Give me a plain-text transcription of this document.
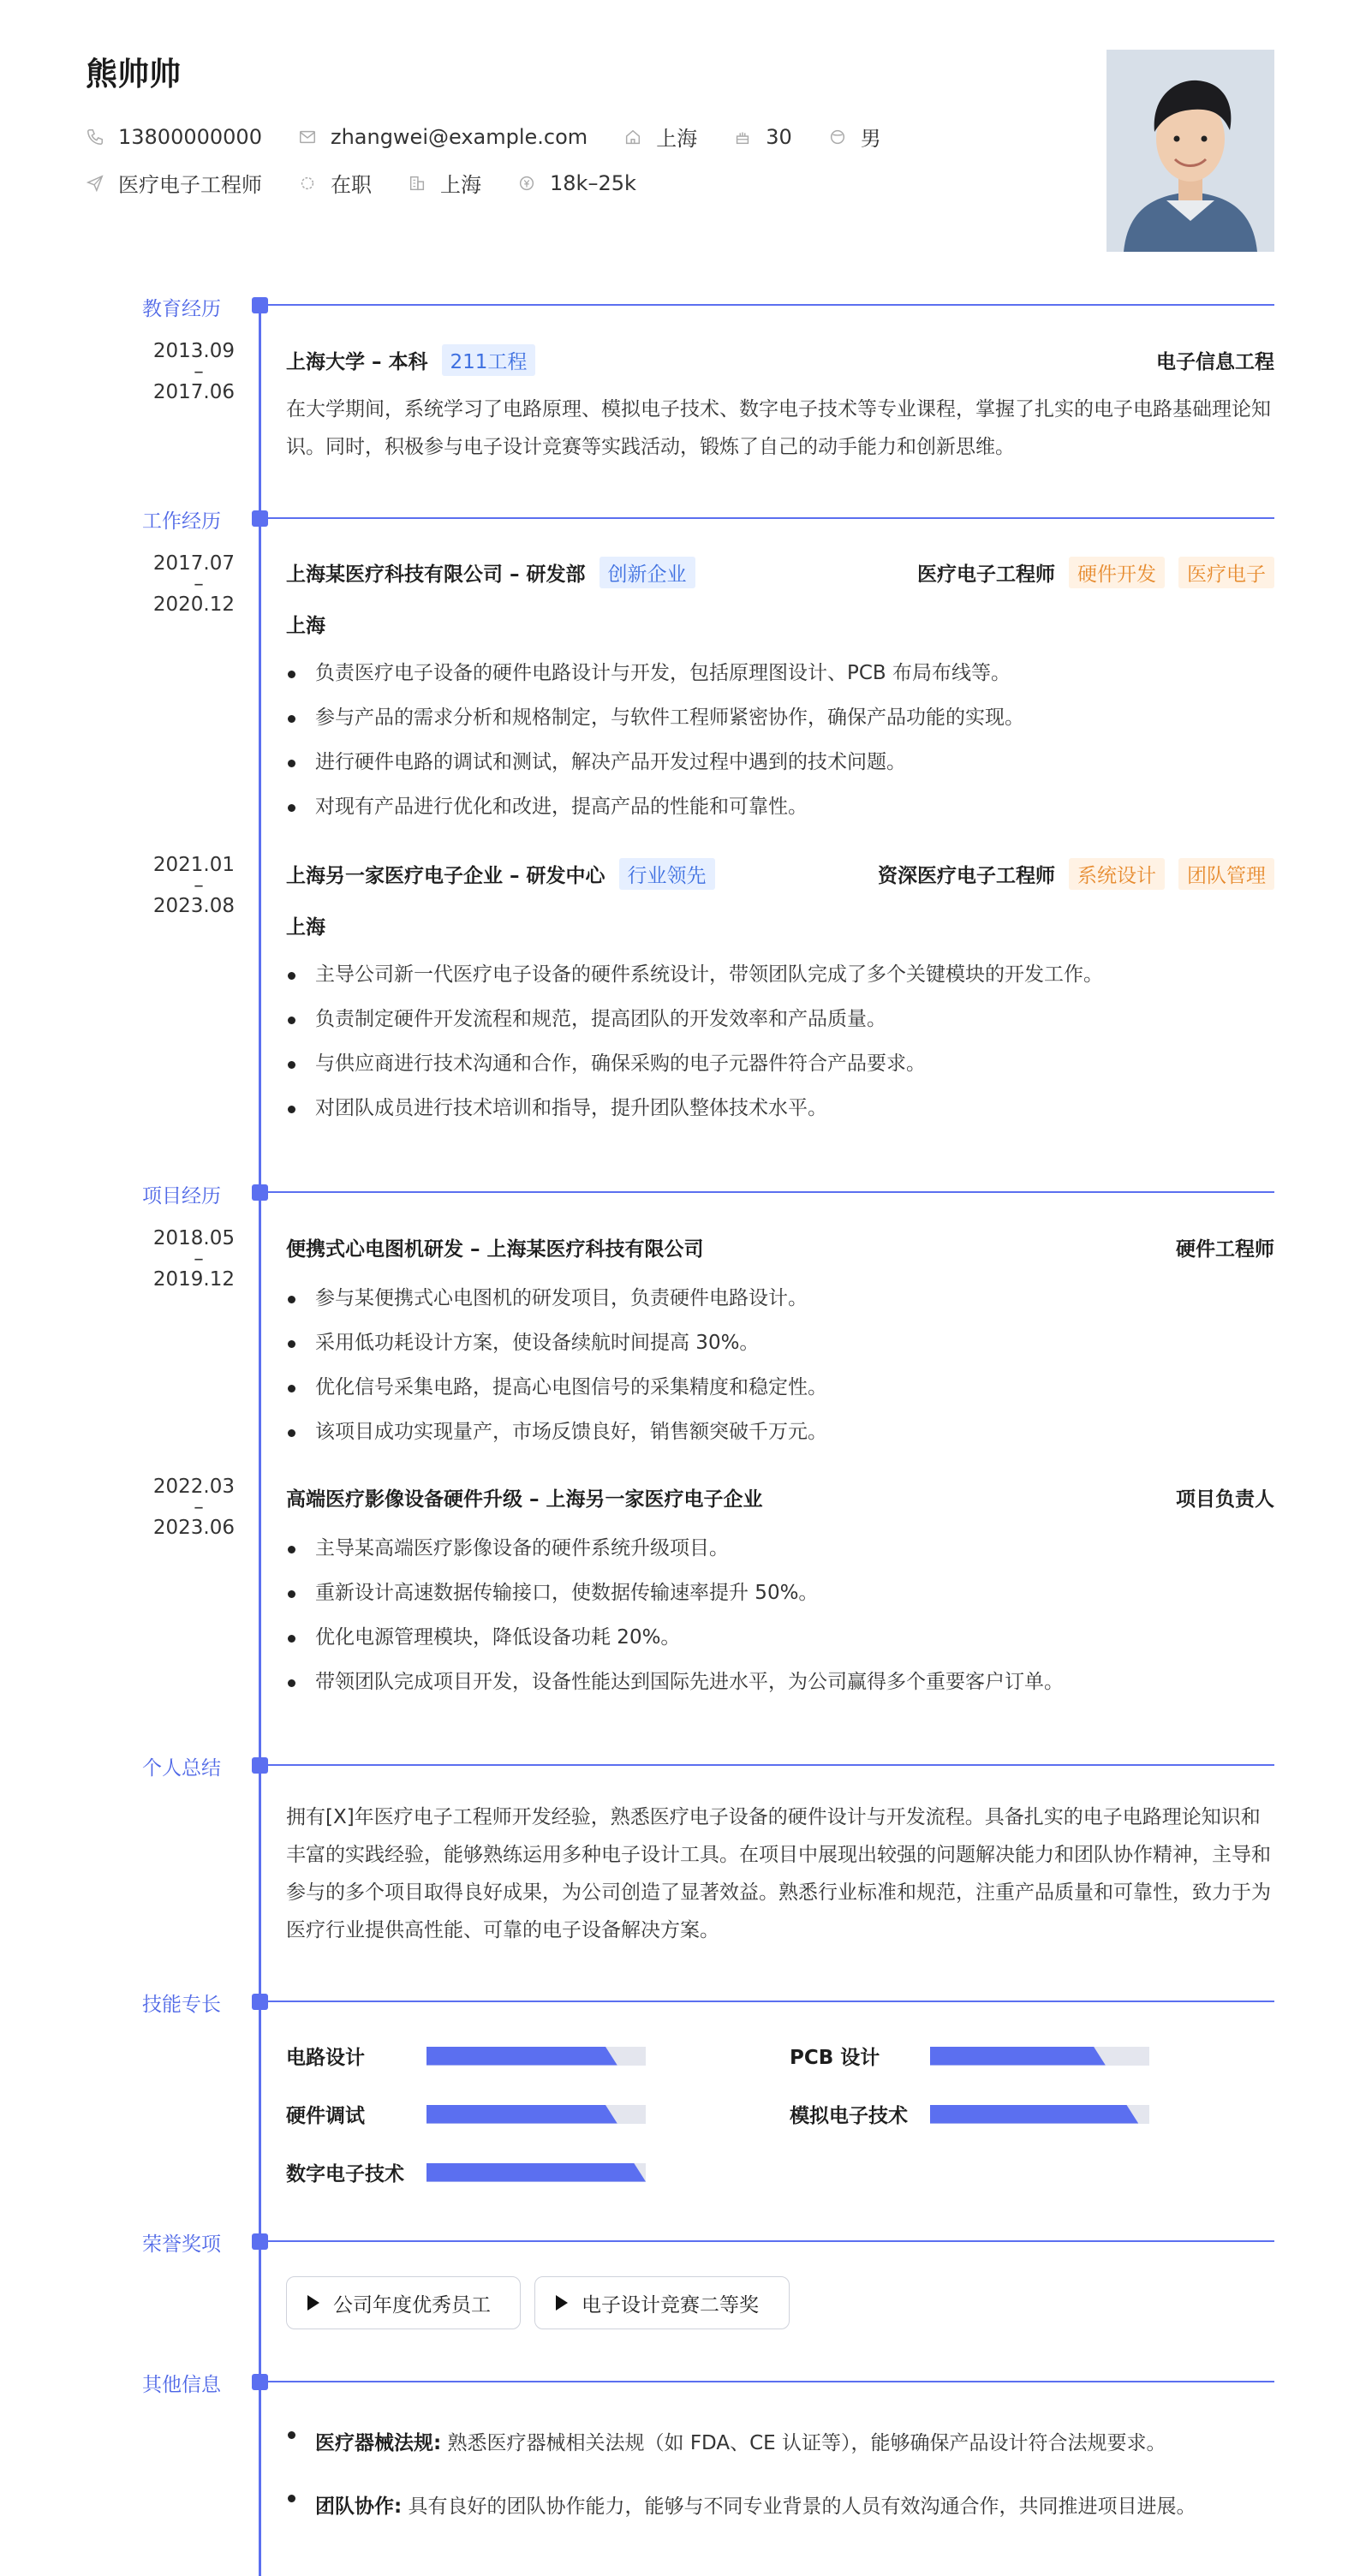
熊帅帅
13800000000	zhangwei@example.com	上海	30	男
医疗电子工程师	在职	上海	18k–25k
教育经历
2013.09
–
2017.06
上海大学 – 本科	211工程	电子信息工程
在大学期间，系统学习了电路原理、模拟电子技术、数字电子技术等专业课程，掌握了扎实的电子电路基础理论知识。同时，积极参与电子设计竞赛等实践活动，锻炼了自己的动手能力和创新思维。
工作经历
2017.07
–
2020.12
上海某医疗科技有限公司 – 研发部	创新企业	医疗电子工程师	硬件开发	医疗电子
上海
负责医疗电子设备的硬件电路设计与开发，包括原理图设计、PCB 布局布线等。
参与产品的需求分析和规格制定，与软件工程师紧密协作，确保产品功能的实现。
进行硬件电路的调试和测试，解决产品开发过程中遇到的技术问题。
对现有产品进行优化和改进，提高产品的性能和可靠性。
2021.01
–
2023.08
上海另一家医疗电子企业 – 研发中心	行业领先	资深医疗电子工程师	系统设计	团队管理
上海
主导公司新一代医疗电子设备的硬件系统设计，带领团队完成了多个关键模块的开发工作。
负责制定硬件开发流程和规范，提高团队的开发效率和产品质量。
与供应商进行技术沟通和合作，确保采购的电子元器件符合产品要求。
对团队成员进行技术培训和指导，提升团队整体技术水平。
项目经历
2018.05
–
2019.12
便携式心电图机研发 – 上海某医疗科技有限公司	硬件工程师
参与某便携式心电图机的研发项目，负责硬件电路设计。
采用低功耗设计方案，使设备续航时间提高 30%。
优化信号采集电路，提高心电图信号的采集精度和稳定性。
该项目成功实现量产，市场反馈良好，销售额突破千万元。
2022.03
–
2023.06
高端医疗影像设备硬件升级 – 上海另一家医疗电子企业	项目负责人
主导某高端医疗影像设备的硬件系统升级项目。
重新设计高速数据传输接口，使数据传输速率提升 50%。
优化电源管理模块，降低设备功耗 20%。
带领团队完成项目开发，设备性能达到国际先进水平，为公司赢得多个重要客户订单。
个人总结
拥有[X]年医疗电子工程师开发经验，熟悉医疗电子设备的硬件设计与开发流程。具备扎实的电子电路理论知识和丰富的实践经验，能够熟练运用多种电子设计工具。在项目中展现出较强的问题解决能力和团队协作精神，主导和参与的多个项目取得良好成果，为公司创造了显著效益。熟悉行业标准和规范，注重产品质量和可靠性，致力于为医疗行业提供高性能、可靠的电子设备解决方案。
技能专长
电路设计	PCB 设计
硬件调试	模拟电子技术
数字电子技术
荣誉奖项
公司年度优秀员工	电子设计竞赛二等奖
其他信息
医疗器械法规: 熟悉医疗器械相关法规（如 FDA、CE 认证等），能够确保产品设计符合法规要求。
团队协作: 具有良好的团队协作能力，能够与不同专业背景的人员有效沟通合作，共同推进项目进展。
